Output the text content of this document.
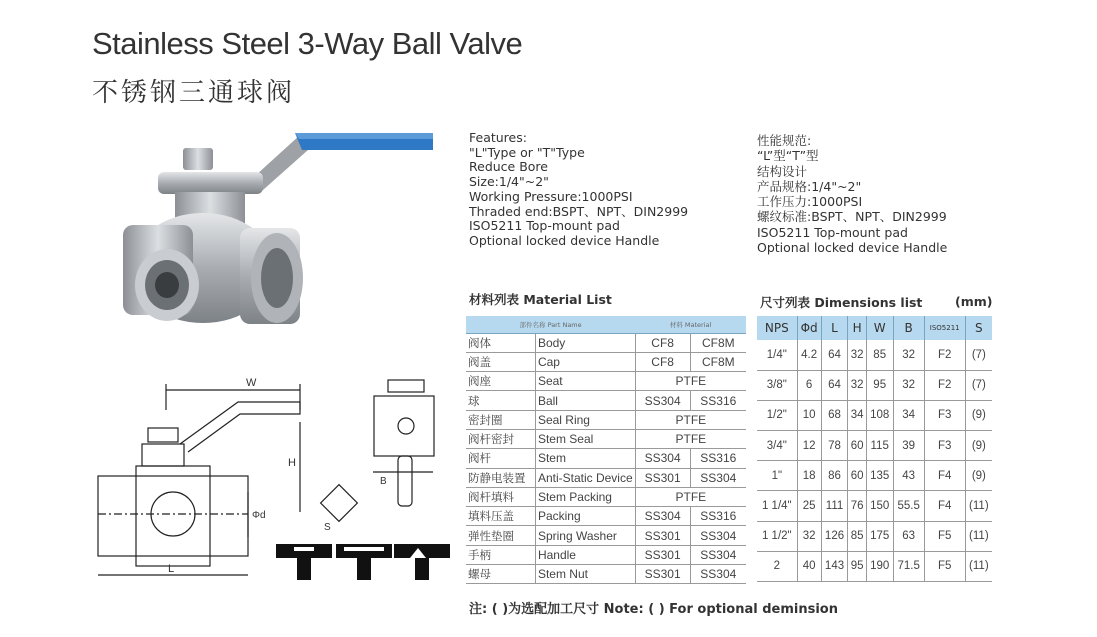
Stainless Steel 3-Way Ball Valve
不锈钢三通球阀
W
H
Φd
L
S
B
Features:
"L"Type or "T"Type
Reduce Bore
Size:1/4"~2"
Working Pressure:1000PSI
Thraded end:BSPT、NPT、DIN2999
ISO5211 Top-mount pad
Optional locked device Handle
性能规范:
“L”型“T”型
结构设计
产品规格:1/4"~2"
工作压力:1000PSI
螺纹标准:BSPT、NPT、DIN2999
ISO5211 Top-mount pad
Optional locked device Handle
材料列表 Material List
部件名称 Part Name		材料 Material	
阀体	Body	CF8	CF8M
阀盖	Cap	CF8	CF8M
阀座	Seat	PTFE	
球	Ball	SS304	SS316
密封圈	Seal Ring	PTFE	
阀杆密封	Stem Seal	PTFE	
阀杆	Stem	SS304	SS316
防静电装置	Anti-Static Device	SS301	SS304
阀杆填料	Stem Packing	PTFE	
填料压盖	Packing	SS304	SS316
弹性垫圈	Spring Washer	SS301	SS304
手柄	Handle	SS301	SS304
螺母	Stem Nut	SS301	SS304
尺寸列表 Dimensions list	(mm)
NPS	Φd	L	H	W	B	ISO5211	S
1/4"	4.2	64	32	85	32	F2	(7)
3/8"	6	64	32	95	32	F2	(7)
1/2"	10	68	34	108	34	F3	(9)
3/4"	12	78	60	115	39	F3	(9)
1"	18	86	60	135	43	F4	(9)
1 1/4"	25	111	76	150	55.5	F4	(11)
1 1/2"	32	126	85	175	63	F5	(11)
2	40	143	95	190	71.5	F5	(11)
注: ( )为选配加工尺寸 Note: ( ) For optional deminsion
